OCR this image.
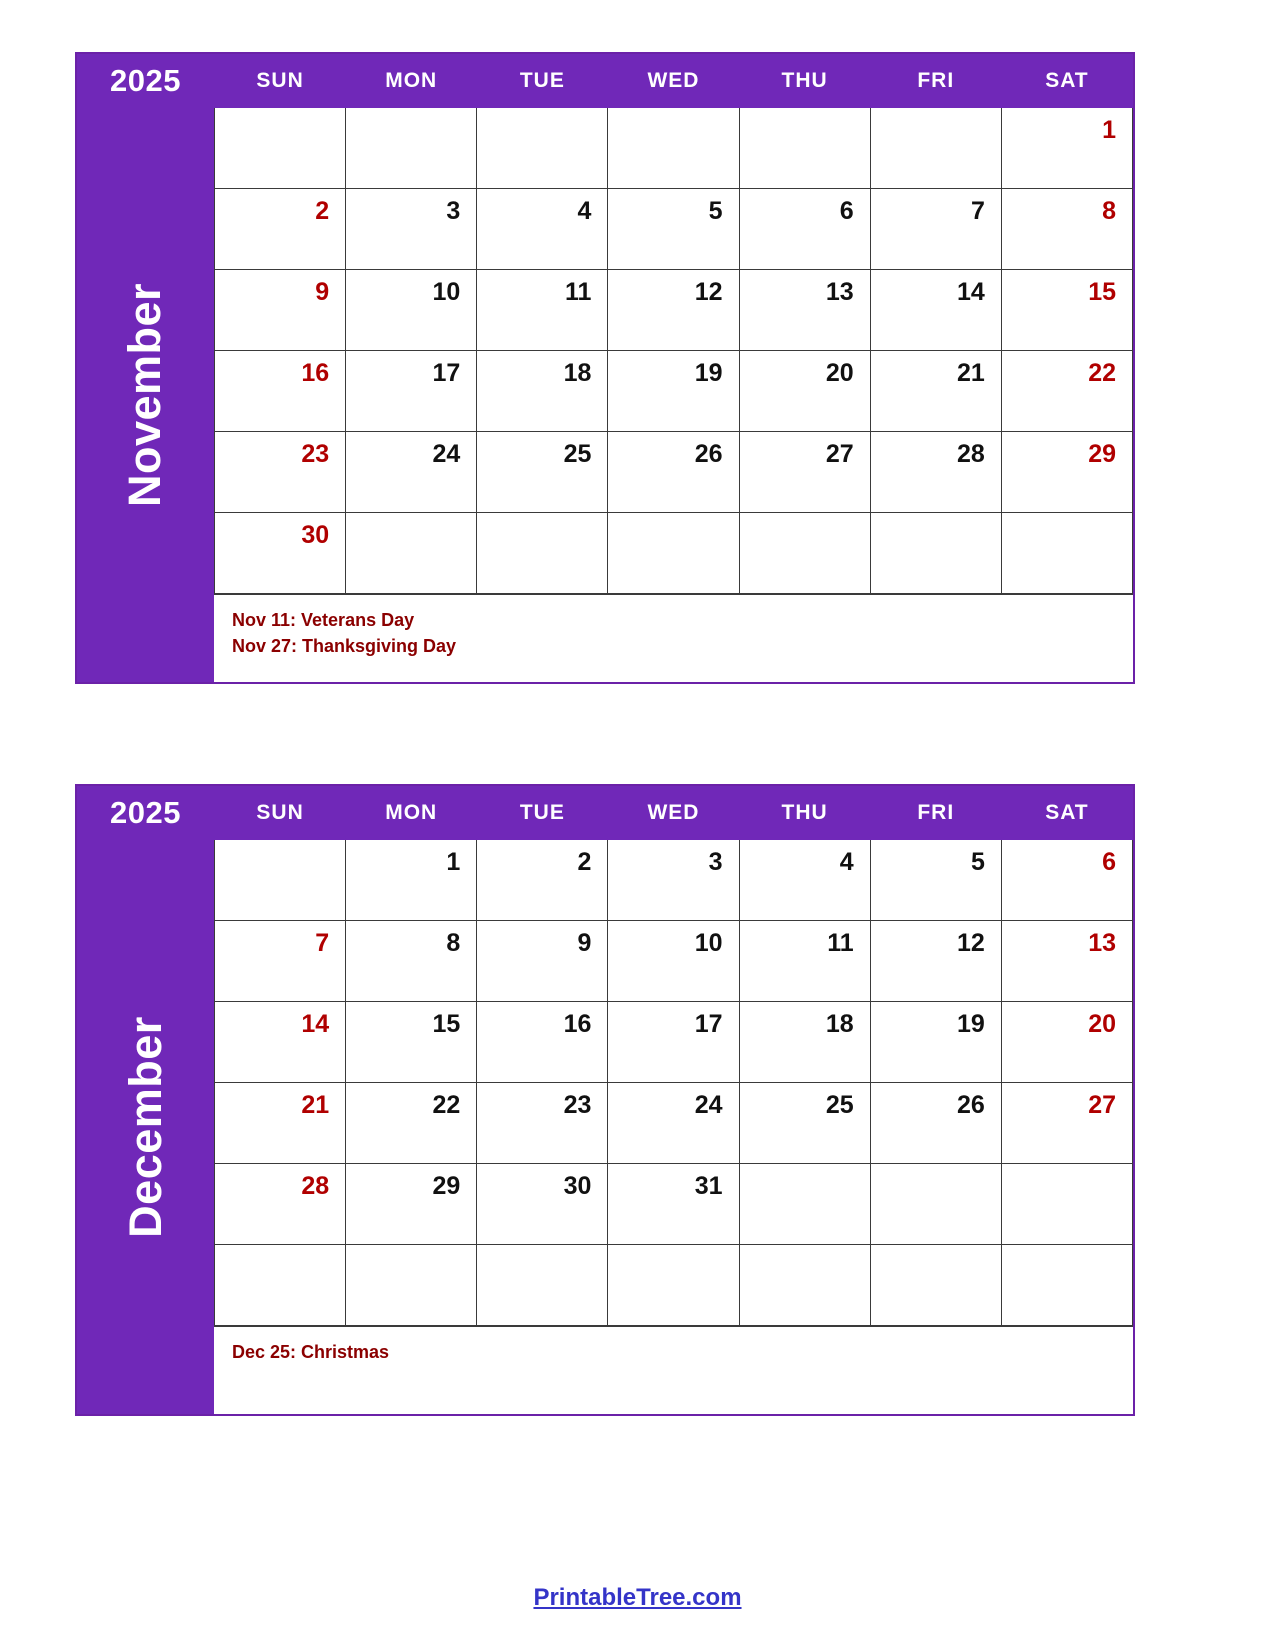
2025
November
SUN	MON	TUE	WED	THU	FRI	SAT
						1
2	3	4	5	6	7	8
9	10	11	12	13	14	15
16	17	18	19	20	21	22
23	24	25	26	27	28	29
30						
Nov 11: Veterans Day
Nov 27: Thanksgiving Day
2025
December
SUN	MON	TUE	WED	THU	FRI	SAT
	1	2	3	4	5	6
7	8	9	10	11	12	13
14	15	16	17	18	19	20
21	22	23	24	25	26	27
28	29	30	31			

Dec 25: Christmas
PrintableTree.com
